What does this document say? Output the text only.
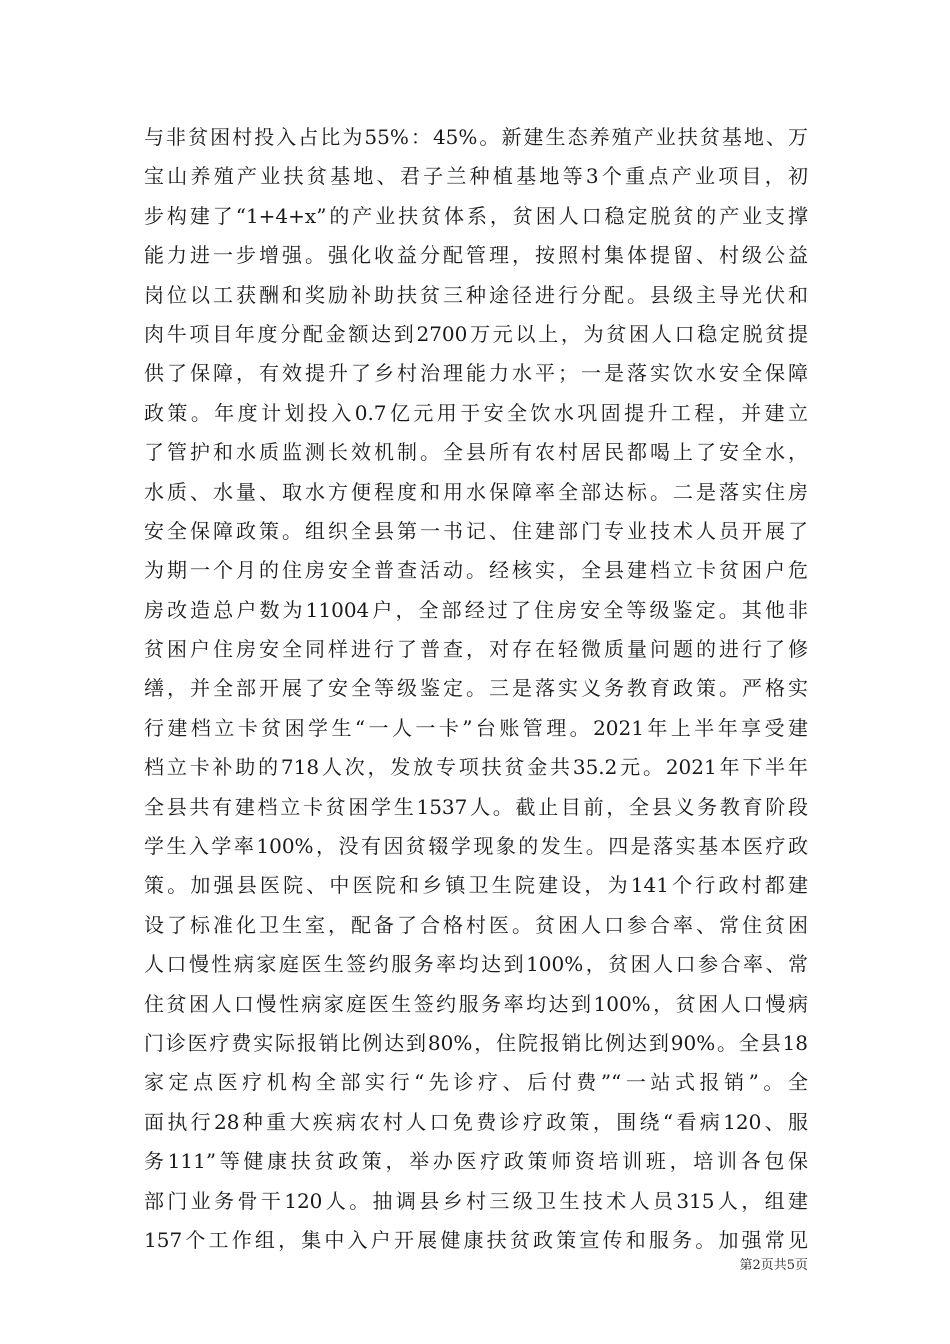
与非贫困村投入占比为55%：45%。新建生态养殖产业扶贫基地、万
宝山养殖产业扶贫基地、君子兰种植基地等3个重点产业项目，初
步构建了“1+4+x”的产业扶贫体系，贫困人口稳定脱贫的产业支撑
能力进一步增强。强化收益分配管理，按照村集体提留、村级公益
岗位以工获酬和奖励补助扶贫三种途径进行分配。县级主导光伏和
肉牛项目年度分配金额达到2700万元以上，为贫困人口稳定脱贫提
供了保障，有效提升了乡村治理能力水平；一是落实饮水安全保障
政策。年度计划投入0.7亿元用于安全饮水巩固提升工程，并建立
了管护和水质监测长效机制。全县所有农村居民都喝上了安全水，
水质、水量、取水方便程度和用水保障率全部达标。二是落实住房
安全保障政策。组织全县第一书记、住建部门专业技术人员开展了
为期一个月的住房安全普查活动。经核实，全县建档立卡贫困户危
房改造总户数为11004户，全部经过了住房安全等级鉴定。其他非
贫困户住房安全同样进行了普查，对存在轻微质量问题的进行了修
缮，并全部开展了安全等级鉴定。三是落实义务教育政策。严格实
行建档立卡贫困学生“一人一卡”台账管理。2021年上半年享受建
档立卡补助的718人次，发放专项扶贫金共35.2元。2021年下半年
全县共有建档立卡贫困学生1537人。截止目前，全县义务教育阶段
学生入学率100%，没有因贫辍学现象的发生。四是落实基本医疗政
策。加强县医院、中医院和乡镇卫生院建设，为141个行政村都建
设了标准化卫生室，配备了合格村医。贫困人口参合率、常住贫困
人口慢性病家庭医生签约服务率均达到100%，贫困人口参合率、常
住贫困人口慢性病家庭医生签约服务率均达到100%，贫困人口慢病
门诊医疗费实际报销比例达到80%，住院报销比例达到90%。全县18
家定点医疗机构全部实行“先诊疗、后付费”“一站式报销”。全
面执行28种重大疾病农村人口免费诊疗政策，围绕“看病120、服
务111”等健康扶贫政策，举办医疗政策师资培训班，培训各包保
部门业务骨干120人。抽调县乡村三级卫生技术人员315人，组建
157个工作组，集中入户开展健康扶贫政策宣传和服务。加强常见
第2页共5页
